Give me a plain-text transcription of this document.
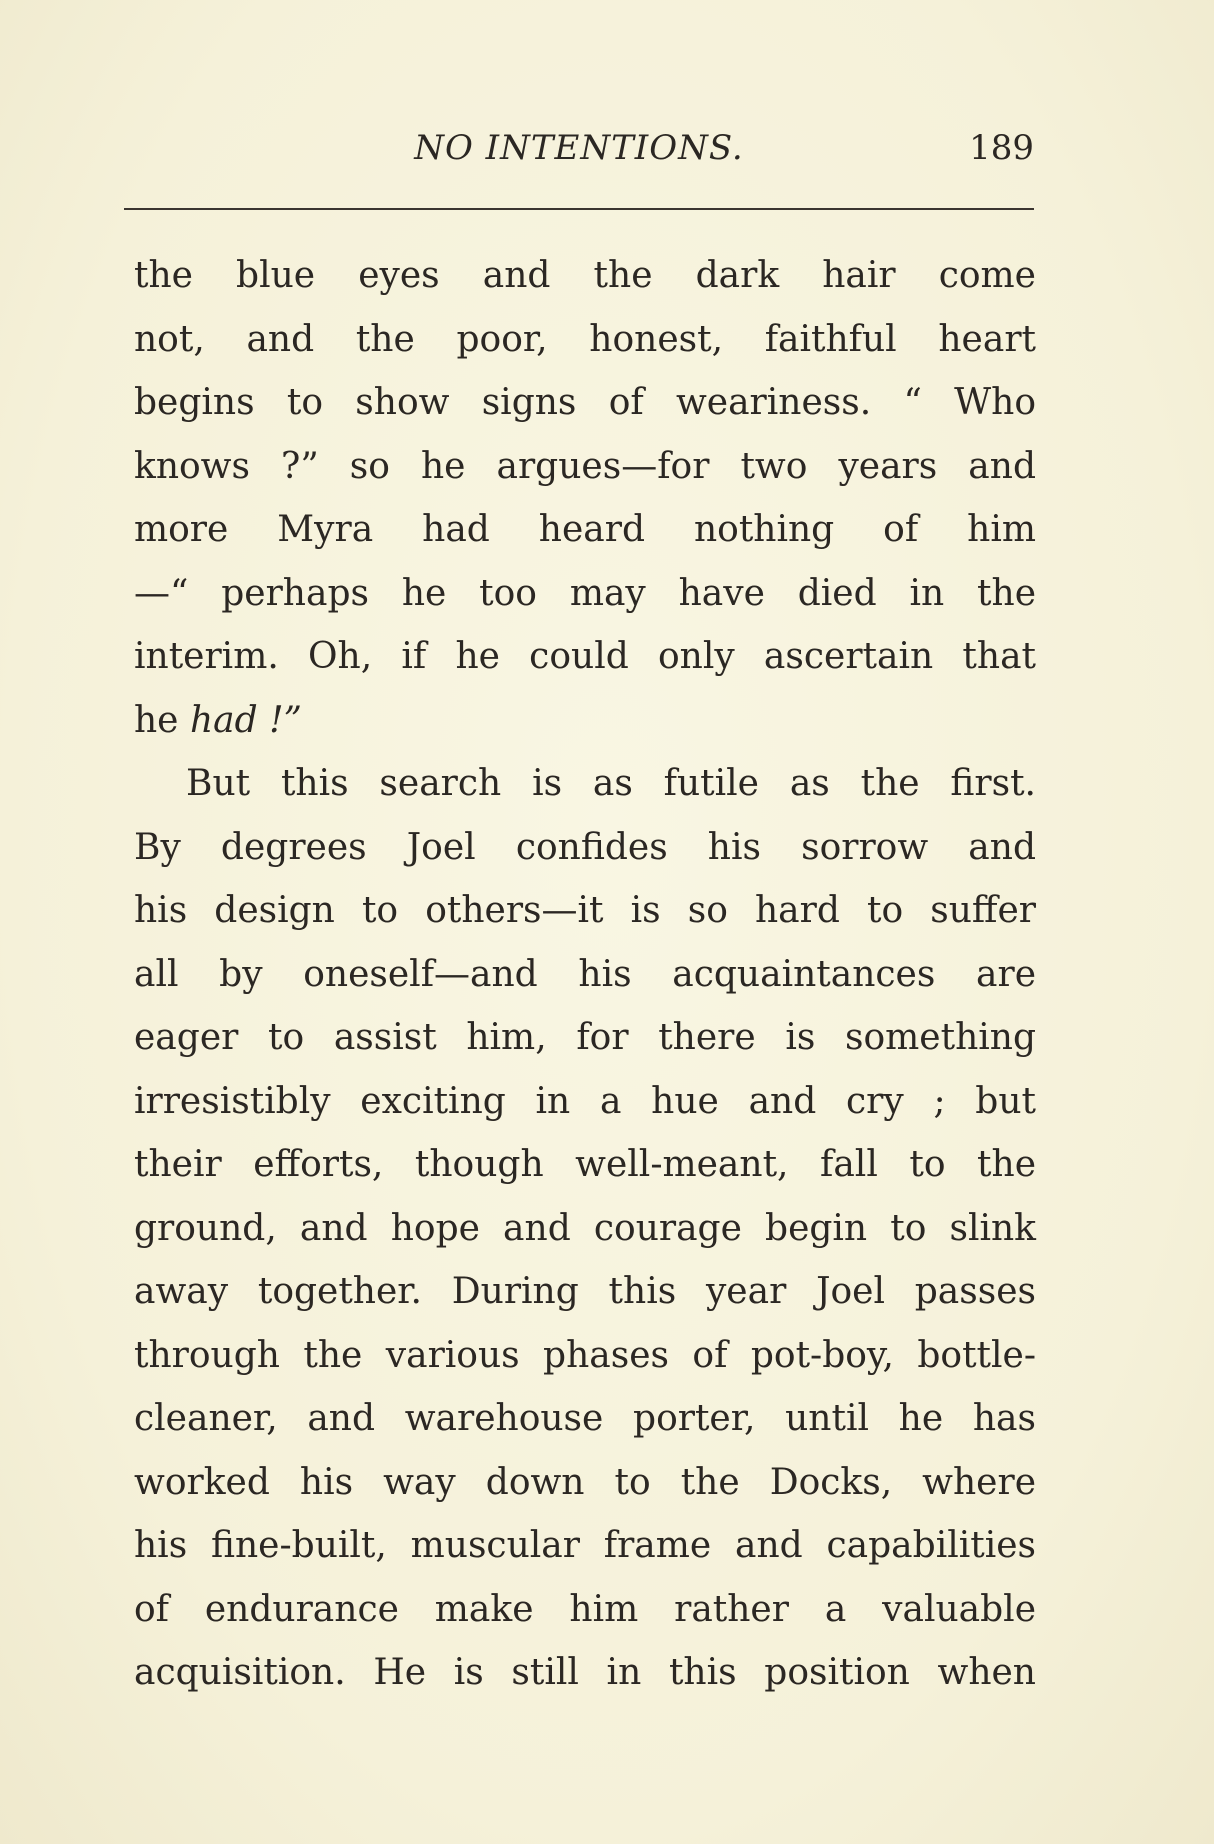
NO INTENTIONS.	189
the blue eyes and the dark hair come
not, and the poor, honest, faithful heart
begins to show signs of weariness. “ Who
knows ?” so he argues—for two years and
more Myra had heard nothing of him
—“ perhaps he too may have died in the
interim. Oh, if he could only ascertain that
he had !”
But this search is as futile as the first.
By degrees Joel confides his sorrow and
his design to others—it is so hard to suffer
all by oneself—and his acquaintances are
eager to assist him, for there is something
irresistibly exciting in a hue and cry ; but
their efforts, though well-meant, fall to the
ground, and hope and courage begin to slink
away together. During this year Joel passes
through the various phases of pot-boy, bottle-
cleaner, and warehouse porter, until he has
worked his way down to the Docks, where
his fine-built, muscular frame and capabilities
of endurance make him rather a valuable
acquisition. He is still in this position when
